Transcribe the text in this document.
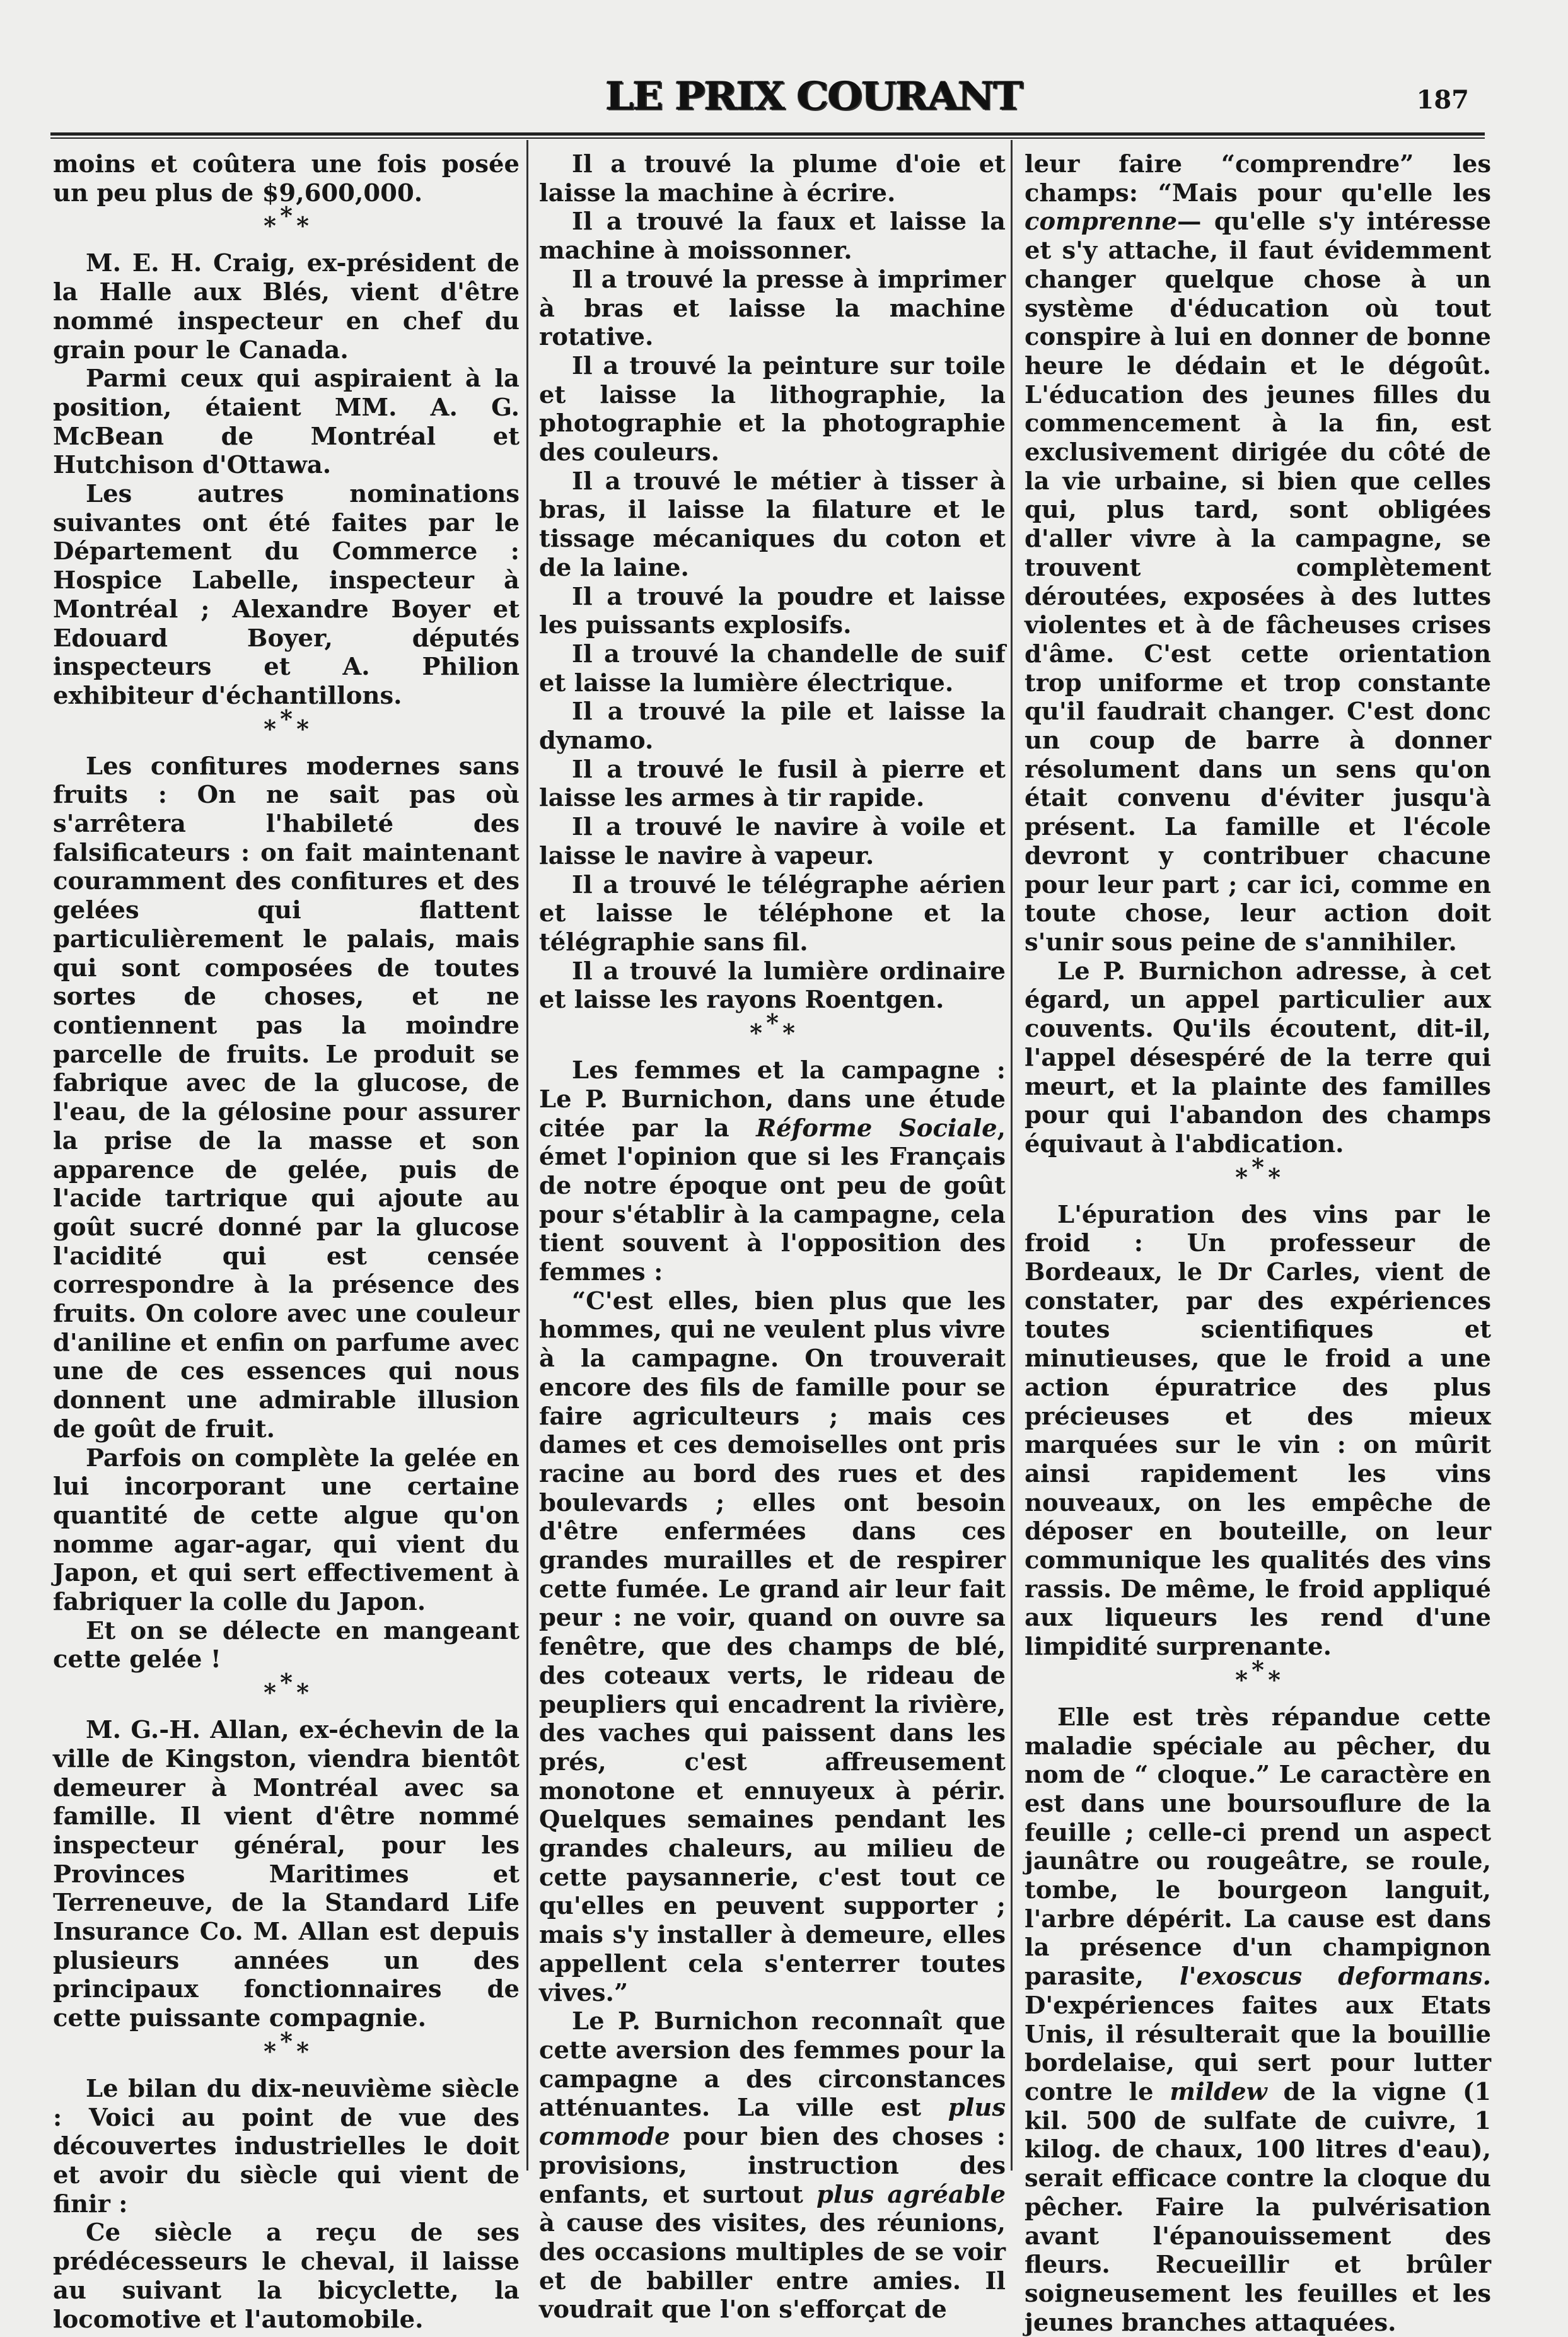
LE PRIX COURANT	187

moins et coûtera une fois posée un peu plus de $9,600,000.

* * *

M. E. H. Craig, ex-président de la Halle aux Blés, vient d'être nommé inspecteur en chef du grain pour le Canada.

Parmi ceux qui aspiraient à la position, étaient MM. A. G. McBean de Montréal et Hutchison d'Ottawa.

Les autres nominations suivantes ont été faites par le Département du Commerce : Hospice Labelle, inspecteur à Montréal ; Alexandre Boyer et Edouard Boyer, députés inspecteurs et A. Philion exhibiteur d'échantillons.

* * *

Les confitures modernes sans fruits : On ne sait pas où s'arrêtera l'habileté des falsificateurs : on fait maintenant couramment des confitures et des gelées qui flattent particulièrement le palais, mais qui sont composées de toutes sortes de choses, et ne contiennent pas la moindre parcelle de fruits. Le produit se fabrique avec de la glucose, de l'eau, de la gélosine pour assurer la prise de la masse et son apparence de gelée, puis de l'acide tartrique qui ajoute au goût sucré donné par la glucose l'acidité qui est censée correspondre à la présence des fruits. On colore avec une couleur d'aniline et enfin on parfume avec une de ces essences qui nous donnent une admirable illusion de goût de fruit.

Parfois on complète la gelée en lui incorporant une certaine quantité de cette algue qu'on nomme agar-agar, qui vient du Japon, et qui sert effectivement à fabriquer la colle du Japon.

Et on se délecte en mangeant cette gelée !

* * *

M. G.-H. Allan, ex-échevin de la ville de Kingston, viendra bientôt demeurer à Montréal avec sa famille. Il vient d'être nommé inspecteur général, pour les Provinces Maritimes et Terreneuve, de la Standard Life Insurance Co. M. Allan est depuis plusieurs années un des principaux fonctionnaires de cette puissante compagnie.

* * *

Le bilan du dix-neuvième siècle : Voici au point de vue des découvertes industrielles le doit et avoir du siècle qui vient de finir :

Ce siècle a reçu de ses prédécesseurs le cheval, il laisse au suivant la bicyclette, la locomotive et l'automobile.

Il a trouvé la plume d'oie et laisse la machine à écrire.

Il a trouvé la faux et laisse la machine à moissonner.

Il a trouvé la presse à imprimer à bras et laisse la machine rotative.

Il a trouvé la peinture sur toile et laisse la lithographie, la photographie et la photographie des couleurs.

Il a trouvé le métier à tisser à bras, il laisse la filature et le tissage mécaniques du coton et de la laine.

Il a trouvé la poudre et laisse les puissants explosifs.

Il a trouvé la chandelle de suif et laisse la lumière électrique.

Il a trouvé la pile et laisse la dynamo.

Il a trouvé le fusil à pierre et laisse les armes à tir rapide.

Il a trouvé le navire à voile et laisse le navire à vapeur.

Il a trouvé le télégraphe aérien et laisse le téléphone et la télégraphie sans fil.

Il a trouvé la lumière ordinaire et laisse les rayons Roentgen.

* * *

Les femmes et la campagne : Le P. Burnichon, dans une étude citée par la Réforme Sociale, émet l'opinion que si les Français de notre époque ont peu de goût pour s'établir à la campagne, cela tient souvent à l'opposition des femmes :

“C'est elles, bien plus que les hommes, qui ne veulent plus vivre à la campagne. On trouverait encore des fils de famille pour se faire agriculteurs ; mais ces dames et ces demoiselles ont pris racine au bord des rues et des boulevards ; elles ont besoin d'être enfermées dans ces grandes murailles et de respirer cette fumée. Le grand air leur fait peur : ne voir, quand on ouvre sa fenêtre, que des champs de blé, des coteaux verts, le rideau de peupliers qui encadrent la rivière, des vaches qui paissent dans les prés, c'est affreusement monotone et ennuyeux à périr. Quelques semaines pendant les grandes chaleurs, au milieu de cette paysannerie, c'est tout ce qu'elles en peuvent supporter ; mais s'y installer à demeure, elles appellent cela s'enterrer toutes vives.”

Le P. Burnichon reconnaît que cette aversion des femmes pour la campagne a des circonstances atténuantes. La ville est plus commode pour bien des choses : provisions, instruction des enfants, et surtout plus agréable à cause des visites, des réunions, des occasions multiples de se voir et de babiller entre amies. Il voudrait que l'on s'efforçat de

leur faire “comprendre” les champs: “Mais pour qu'elle les comprenne— qu'elle s'y intéresse et s'y attache, il faut évidemment changer quelque chose à un système d'éducation où tout conspire à lui en donner de bonne heure le dédain et le dégoût. L'éducation des jeunes filles du commencement à la fin, est exclusivement dirigée du côté de la vie urbaine, si bien que celles qui, plus tard, sont obligées d'aller vivre à la campagne, se trouvent complètement déroutées, exposées à des luttes violentes et à de fâcheuses crises d'âme. C'est cette orientation trop uniforme et trop constante qu'il faudrait changer. C'est donc un coup de barre à donner résolument dans un sens qu'on était convenu d'éviter jusqu'à présent. La famille et l'école devront y contribuer chacune pour leur part ; car ici, comme en toute chose, leur action doit s'unir sous peine de s'annihiler.

Le P. Burnichon adresse, à cet égard, un appel particulier aux couvents. Qu'ils écoutent, dit-il, l'appel désespéré de la terre qui meurt, et la plainte des familles pour qui l'abandon des champs équivaut à l'abdication.

* * *

L'épuration des vins par le froid : Un professeur de Bordeaux, le Dr Carles, vient de constater, par des expériences toutes scientifiques et minutieuses, que le froid a une action épuratrice des plus précieuses et des mieux marquées sur le vin : on mûrit ainsi rapidement les vins nouveaux, on les empêche de déposer en bouteille, on leur communique les qualités des vins rassis. De même, le froid appliqué aux liqueurs les rend d'une limpidité surprenante.

* * *

Elle est très répandue cette maladie spéciale au pêcher, du nom de “ cloque.” Le caractère en est dans une boursouflure de la feuille ; celle-ci prend un aspect jaunâtre ou rougeâtre, se roule, tombe, le bourgeon languit, l'arbre dépérit. La cause est dans la présence d'un champignon parasite, l'exoscus deformans. D'expériences faites aux Etats Unis, il résulterait que la bouillie bordelaise, qui sert pour lutter contre le mildew de la vigne (1 kil. 500 de sulfate de cuivre, 1 kilog. de chaux, 100 litres d'eau), serait efficace contre la cloque du pêcher. Faire la pulvérisation avant l'épanouissement des fleurs. Recueillir et brûler soigneusement les feuilles et les jeunes branches attaquées.
